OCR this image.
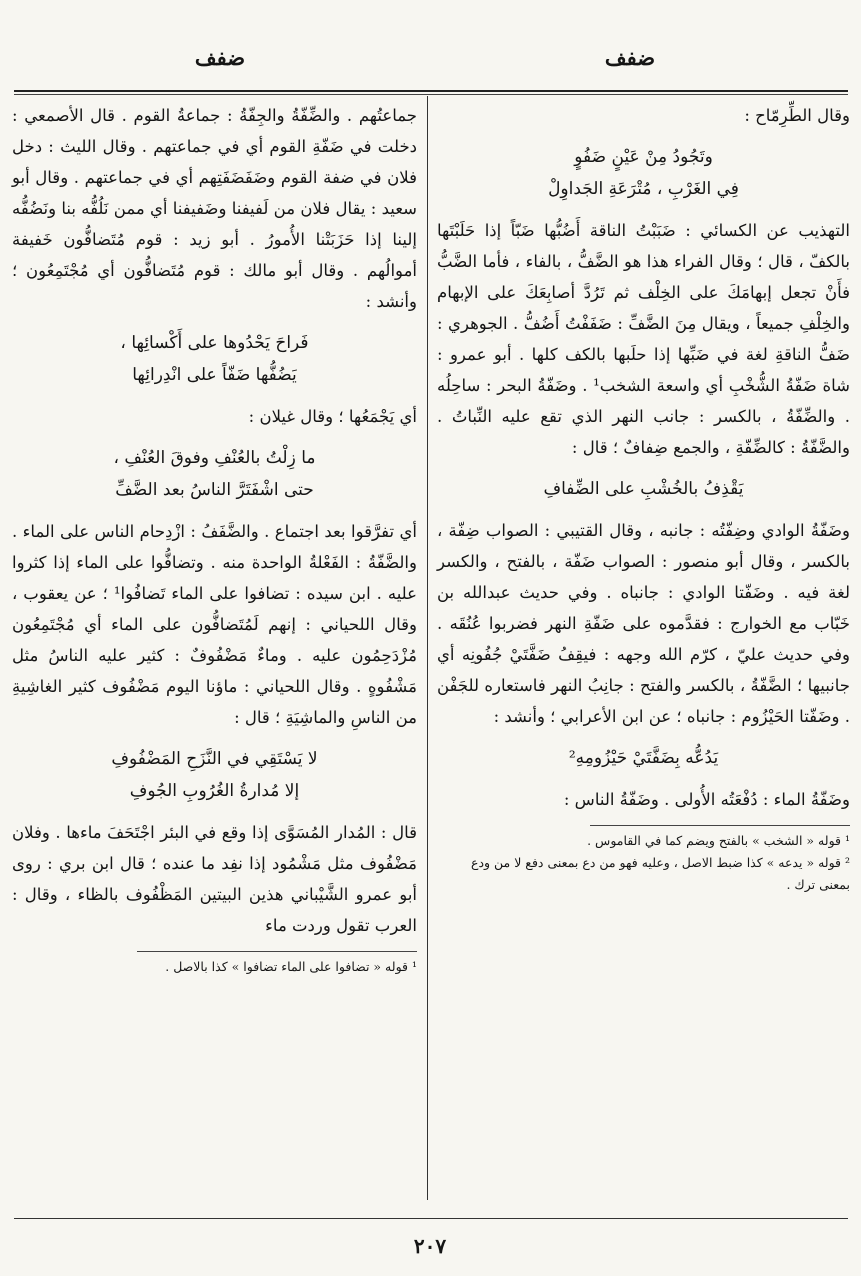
ضفف
ضفف

وقال الطِّرِمّاح :

وتَجُودُ مِنْ عَيْنٍ ضَفُوٍ

فِي الغَرْبِ ، مُتْرَعَةِ الجَداوِلْ

التهذيب عن الكسائي : ضَبَبْتُ الناقة أَضُبُّها ضَبّاً إذا حَلَبْتَها بالكفّ ، قال ؛ وقال الفراء هذا هو الضَّفُّ ، بالفاء ، فأما الضَّبُّ فأَنْ تجعل إبهامَكَ على الخِلْف ثم تَرُدَّ أصابِعَكَ على الإبهام والخِلْفِ جميعاً ، ويقال مِنَ الضَّفِّ : ضَفَفْتُ أَضُفُّ . الجوهري : ضَفُّ الناقةِ لغة في ضَبِّها إذا حلَبها بالكف كلها . أبو عمرو : شاة ضَفّةُ الشُّخْبِ أي واسعة الشخب¹ . وضَفّةُ البحر : ساحِلُه . والضِّفّةُ ، بالكسر : جانب النهر الذي تقع عليه النِّباتُ . والضَّفّةُ : كالضِّفّةِ ، والجمع ضِفافٌ ؛ قال :

يَقْذِفُ بالخُشْبِ على الضِّفافِ

وضَفّةُ الوادي وضِفّتُه : جانبه ، وقال القتيبي : الصواب ضِفّة ، بالكسر ، وقال أبو منصور : الصواب ضَفّة ، بالفتح ، والكسر لغة فيه . وضَفّتا الوادي : جانباه . وفي حديث عبدالله بن خَبّاب مع الخوارج : فقدَّموه على ضَفّةِ النهر فضربوا عُنُقَه . وفي حديث عليّ ، كرّم الله وجهه : فيقِفُ ضَفَّتَيْ جُفُونِه أي جانبيها ؛ الضَّفّةُ ، بالكسر والفتح : جانِبُ النهر فاستعاره للجَفْن . وضَفّتا الحَيْزُوم : جانباه ؛ عن ابن الأعرابي ؛ وأنشد :

يَدُعُّه بِضَفَّتَيْ حَيْزُومِهِ²

وضَفّةُ الماء : دُفْعَتُه الأُولى . وضَفّةُ الناس :

¹ قوله « الشخب » بالفتح ويضم كما في القاموس .

² قوله « يدعه » كذا ضبط الاصل ، وعليه فهو من دع بمعنى دفع لا من ودع بمعنى ترك .

جماعتُهم . والضِّفّةُ والجِفّةُ : جماعةُ القوم . قال الأصمعي : دخلت في ضَفّةِ القوم أي في جماعتهم . وقال الليث : دخل فلان في ضفة القوم وضَفَضَفَتِهم أي في جماعتهم . وقال أبو سعيد : يقال فلان من لَفيفنا وضَفيفنا أي ممن نَلُفُّه بنا ونَضُفُّه إلينا إذا حَزَبَتْنا الأُمورُ . أبو زيد : قوم مُتَضافُّون خَفيفة أموالُهم . وقال أبو مالك : قوم مُتَضافُّون أي مُجْتَمِعُون ؛ وأنشد :

فَراحَ يَحْدُوها على أَكْسائِها ،

يَضُفُّها ضَفّاً على انْدِرائِها

أي يَجْمَعُها ؛ وقال غيلان :

ما زِلْتُ بالعُنْفِ وفوقَ العُنْفِ ،

حتى اشْفَتَرَّ الناسُ بعد الضَّفِّ

أي تفرَّقوا بعد اجتماع . والضَّفَفُ : ازْدِحام الناس على الماء . والضَّفّةُ : الفَعْلةُ الواحدة منه . وتضافُّوا على الماء إذا كثروا عليه . ابن سيده : تضافوا على الماء تَضافُوا¹ ؛ عن يعقوب ، وقال اللحياني : إنهم لَمُتَضافُّون على الماء أي مُجْتَمِعُون مُزْدَحِمُون عليه . وماءٌ مَضْفُوفٌ : كثير عليه الناسُ مثل مَشْفُوهٍ . وقال اللحياني : ماؤنا اليوم مَضْفُوف كثير الغاشِيةِ من الناسِ والماشِيَةِ ؛ قال :

لا يَسْتَقِي في النَّزَحِ المَضْفُوفِ

إلا مُدارةُ الغُرُوبِ الجُوفِ

قال : المُدار المُسَوَّى إذا وقع في البئر اجْتَحَفَ ماءها . وفلان مَضْفُوف مثل مَشْمُود إذا نفِد ما عنده ؛ قال ابن بري : روى أبو عمرو الشَّيْباني هذين البيتين المَظْفُوف بالظاء ، وقال : العرب تقول وردت ماء

¹ قوله « تضافوا على الماء تضافوا » كذا بالاصل .

٢٠٧
